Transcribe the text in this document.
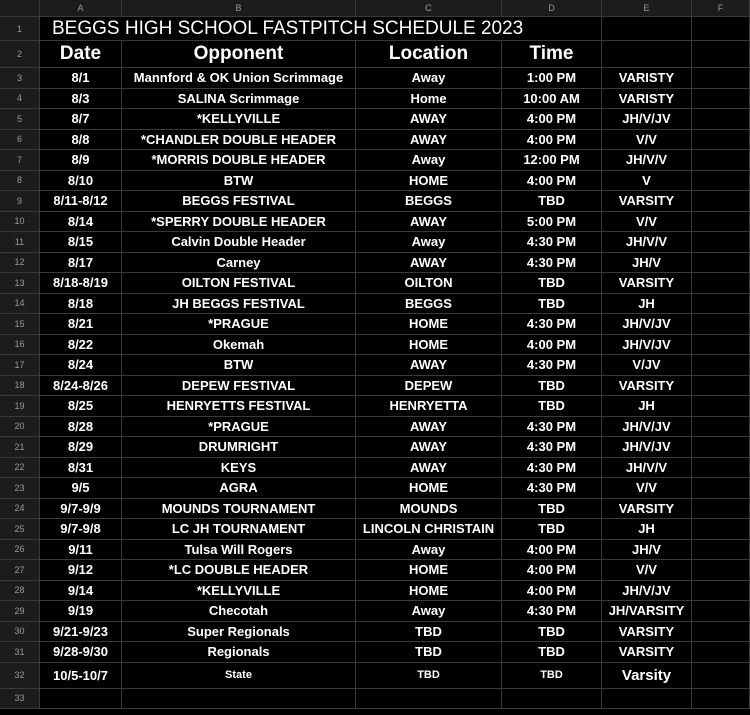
A	B	C	D	E	F
1	BEGGS HIGH SCHOOL FASTPITCH SCHEDULE 2023
2	Date	Opponent	Location	Time
3	8/1	Mannford & OK Union Scrimmage	Away	1:00 PM	VARISTY
4	8/3	SALINA Scrimmage	Home	10:00 AM	VARISTY
5	8/7	*KELLYVILLE	AWAY	4:00 PM	JH/V/JV
6	8/8	*CHANDLER DOUBLE HEADER	AWAY	4:00 PM	V/V
7	8/9	*MORRIS DOUBLE HEADER	Away	12:00 PM	JH/V/V
8	8/10	BTW	HOME	4:00 PM	V
9	8/11-8/12	BEGGS FESTIVAL	BEGGS	TBD	VARSITY
10	8/14	*SPERRY DOUBLE HEADER	AWAY	5:00 PM	V/V
11	8/15	Calvin Double Header	Away	4:30 PM	JH/V/V
12	8/17	Carney	AWAY	4:30 PM	JH/V
13	8/18-8/19	OILTON FESTIVAL	OILTON	TBD	VARSITY
14	8/18	JH BEGGS FESTIVAL	BEGGS	TBD	JH
15	8/21	*PRAGUE	HOME	4:30 PM	JH/V/JV
16	8/22	Okemah	HOME	4:00 PM	JH/V/JV
17	8/24	BTW	AWAY	4:30 PM	V/JV
18	8/24-8/26	DEPEW FESTIVAL	DEPEW	TBD	VARSITY
19	8/25	HENRYETTS FESTIVAL	HENRYETTA	TBD	JH
20	8/28	*PRAGUE	AWAY	4:30 PM	JH/V/JV
21	8/29	DRUMRIGHT	AWAY	4:30 PM	JH/V/JV
22	8/31	KEYS	AWAY	4:30 PM	JH/V/V
23	9/5	AGRA	HOME	4:30 PM	V/V
24	9/7-9/9	MOUNDS TOURNAMENT	MOUNDS	TBD	VARSITY
25	9/7-9/8	LC JH TOURNAMENT	LINCOLN CHRISTAIN	TBD	JH
26	9/11	Tulsa Will Rogers	Away	4:00 PM	JH/V
27	9/12	*LC DOUBLE HEADER	HOME	4:00 PM	V/V
28	9/14	*KELLYVILLE	HOME	4:00 PM	JH/V/JV
29	9/19	Checotah	Away	4:30 PM	JH/VARSITY
30	9/21-9/23	Super Regionals	TBD	TBD	VARSITY
31	9/28-9/30	Regionals	TBD	TBD	VARSITY
32	10/5-10/7	State	TBD	TBD	Varsity
33
